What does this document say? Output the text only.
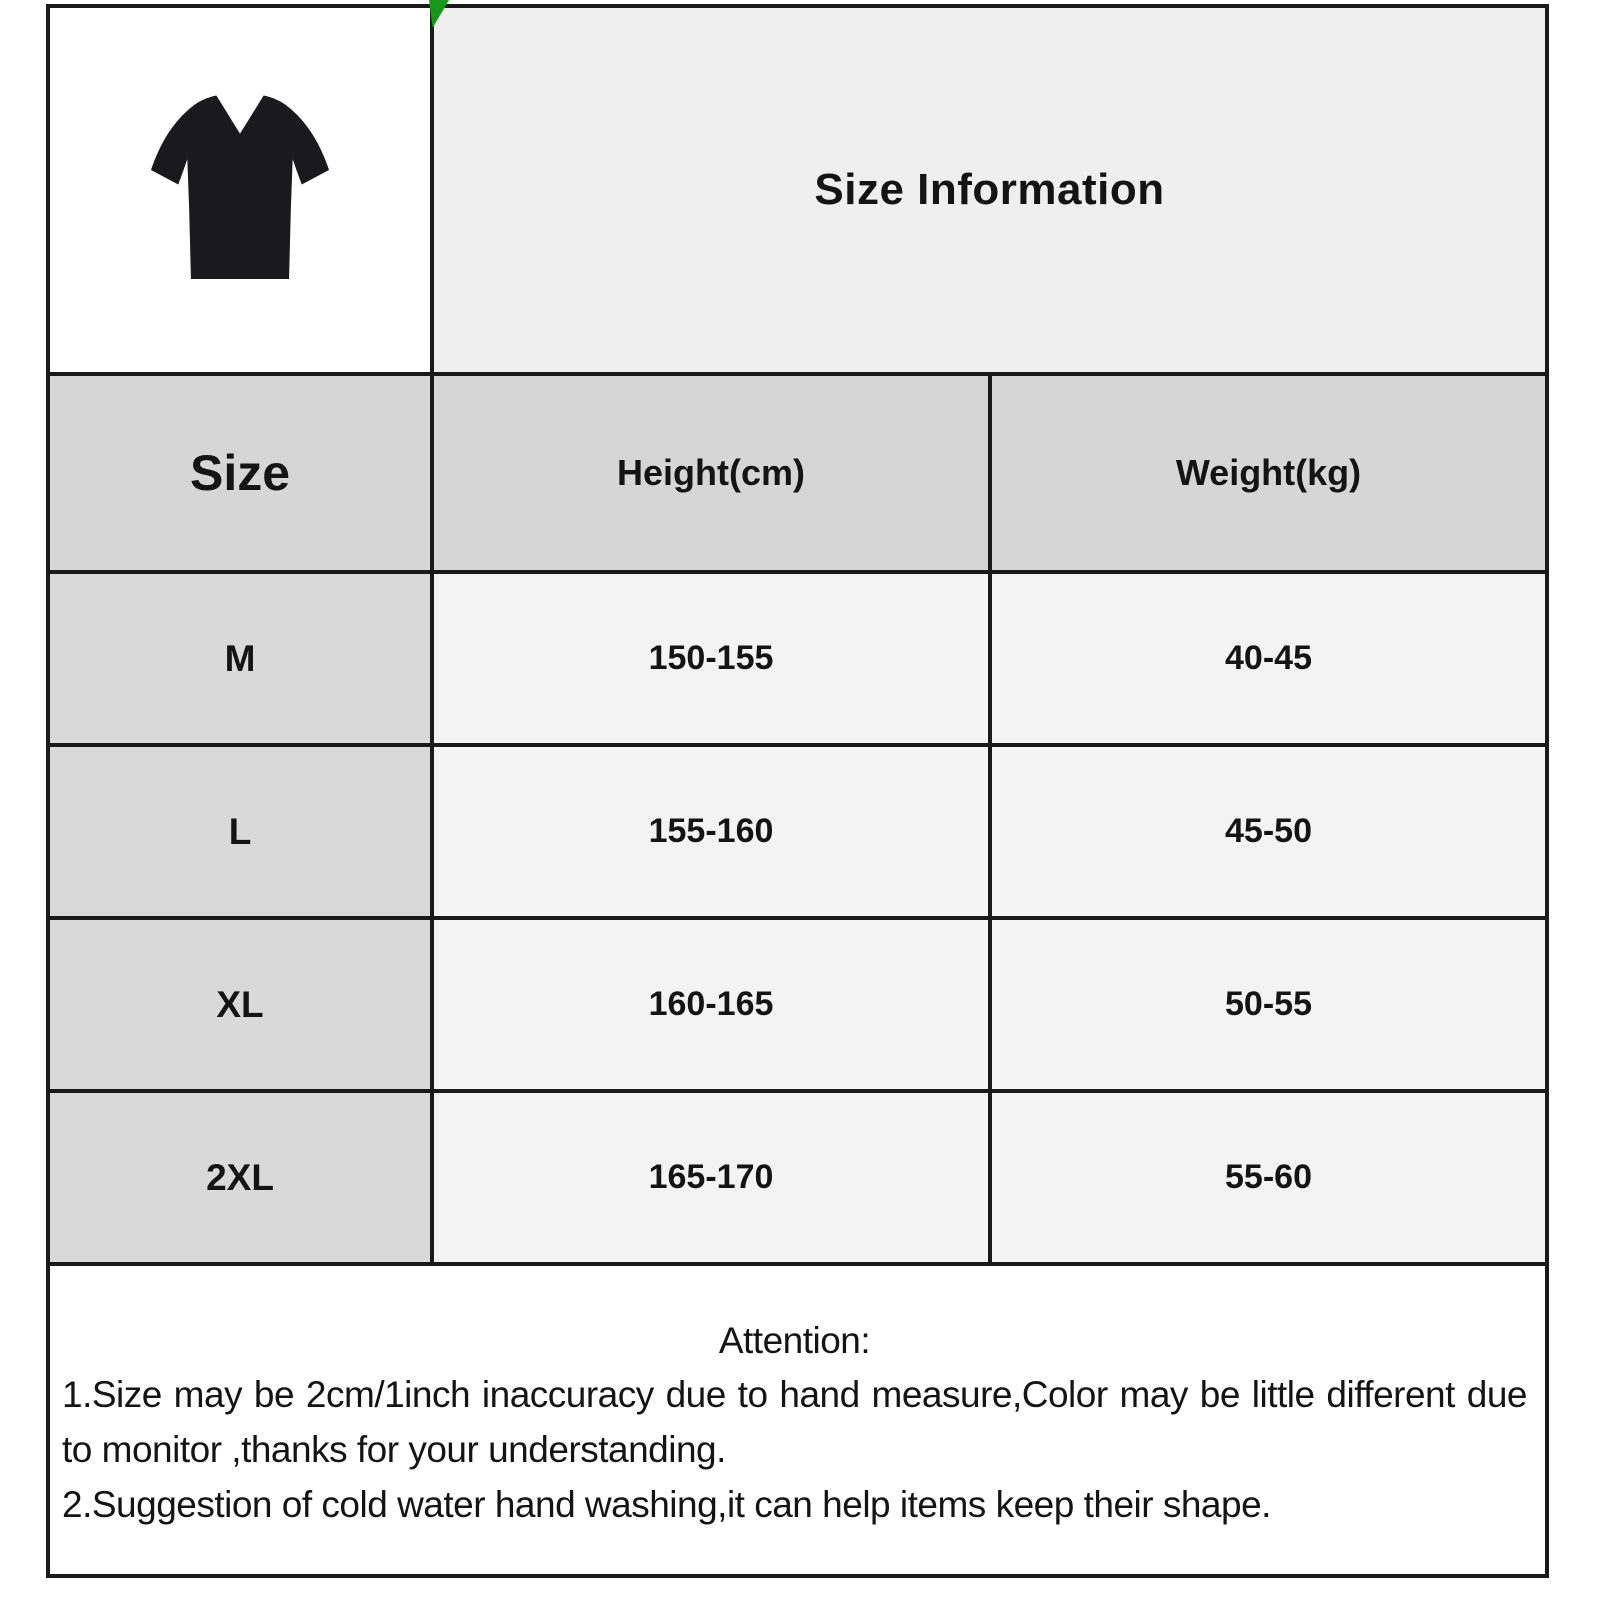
	Size Information	
Size	Height(cm)	Weight(kg)
M	150-155	40-45
L	155-160	45-50
XL	160-165	50-55
2XL	165-170	55-60

Attention:
1.Size may be 2cm/1inch inaccuracy due to hand measure,Color may be little different due to monitor ,thanks for your understanding.
2.Suggestion of cold water hand washing,it can help items keep their shape.		
